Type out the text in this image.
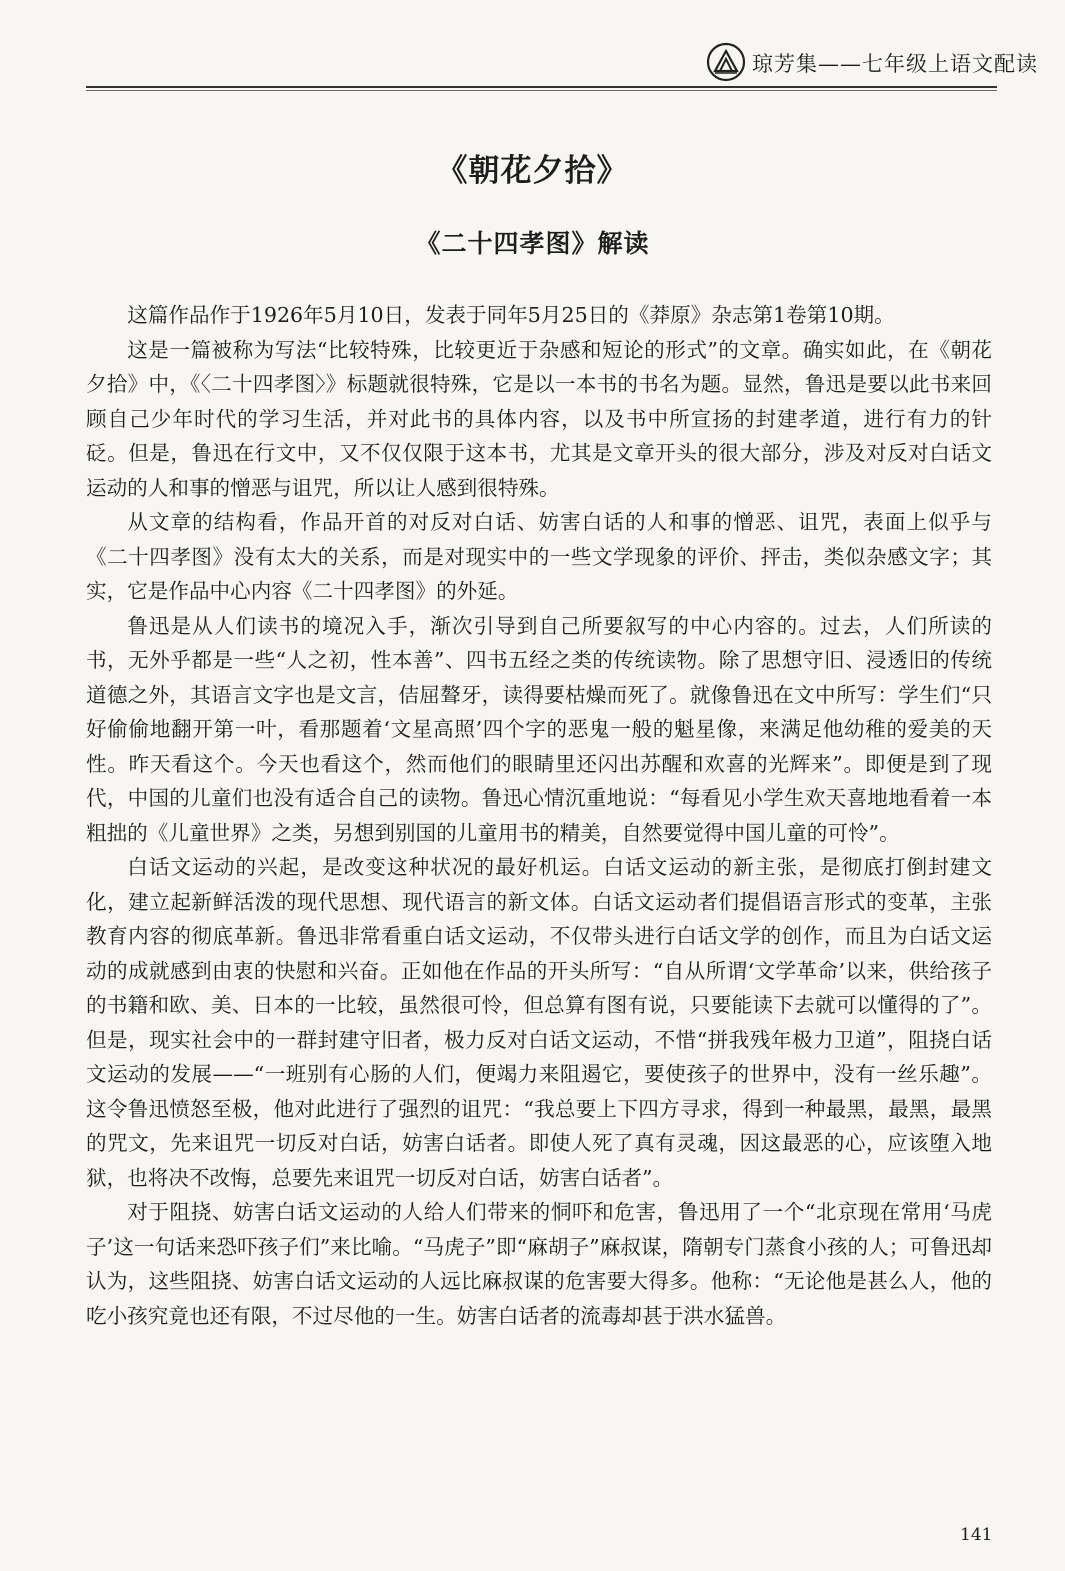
琼芳集——七年级上语文配读
《朝花夕拾》
《二十四孝图》解读

这篇作品作于1926年5月10日，发表于同年5月25日的《莽原》杂志第1卷第10期。

这是一篇被称为写法“比较特殊，比较更近于杂感和短论的形式”的文章。确实如此，在《朝花夕拾》中，《〈二十四孝图〉》标题就很特殊，它是以一本书的书名为题。显然，鲁迅是要以此书来回顾自己少年时代的学习生活，并对此书的具体内容，以及书中所宣扬的封建孝道，进行有力的针砭。但是，鲁迅在行文中，又不仅仅限于这本书，尤其是文章开头的很大部分，涉及对反对白话文运动的人和事的憎恶与诅咒，所以让人感到很特殊。

从文章的结构看，作品开首的对反对白话、妨害白话的人和事的憎恶、诅咒，表面上似乎与《二十四孝图》没有太大的关系，而是对现实中的一些文学现象的评价、抨击，类似杂感文字；其实，它是作品中心内容《二十四孝图》的外延。

鲁迅是从人们读书的境况入手，渐次引导到自己所要叙写的中心内容的。过去，人们所读的书，无外乎都是一些“人之初，性本善”、四书五经之类的传统读物。除了思想守旧、浸透旧的传统道德之外，其语言文字也是文言，佶屈聱牙，读得要枯燥而死了。就像鲁迅在文中所写：学生们“只好偷偷地翻开第一叶，看那题着‘文星高照’四个字的恶鬼一般的魁星像，来满足他幼稚的爱美的天性。昨天看这个。今天也看这个，然而他们的眼睛里还闪出苏醒和欢喜的光辉来”。即便是到了现代，中国的儿童们也没有适合自己的读物。鲁迅心情沉重地说：“每看见小学生欢天喜地地看着一本粗拙的《儿童世界》之类，另想到别国的儿童用书的精美，自然要觉得中国儿童的可怜”。

白话文运动的兴起，是改变这种状况的最好机运。白话文运动的新主张，是彻底打倒封建文化，建立起新鲜活泼的现代思想、现代语言的新文体。白话文运动者们提倡语言形式的变革，主张教育内容的彻底革新。鲁迅非常看重白话文运动，不仅带头进行白话文学的创作，而且为白话文运动的成就感到由衷的快慰和兴奋。正如他在作品的开头所写：“自从所谓‘文学革命’以来，供给孩子的书籍和欧、美、日本的一比较，虽然很可怜，但总算有图有说，只要能读下去就可以懂得的了”。但是，现实社会中的一群封建守旧者，极力反对白话文运动，不惜“拼我残年极力卫道”，阻挠白话文运动的发展——“一班别有心肠的人们，便竭力来阻遏它，要使孩子的世界中，没有一丝乐趣”。这令鲁迅愤怒至极，他对此进行了强烈的诅咒：“我总要上下四方寻求，得到一种最黑，最黑，最黑的咒文，先来诅咒一切反对白话，妨害白话者。即使人死了真有灵魂，因这最恶的心，应该堕入地狱，也将决不改悔，总要先来诅咒一切反对白话，妨害白话者”。

对于阻挠、妨害白话文运动的人给人们带来的恫吓和危害，鲁迅用了一个“北京现在常用‘马虎子’这一句话来恐吓孩子们”来比喻。“马虎子”即“麻胡子”麻叔谋，隋朝专门蒸食小孩的人；可鲁迅却认为，这些阻挠、妨害白话文运动的人远比麻叔谋的危害要大得多。他称：“无论他是甚么人，他的吃小孩究竟也还有限，不过尽他的一生。妨害白话者的流毒却甚于洪水猛兽。

141
